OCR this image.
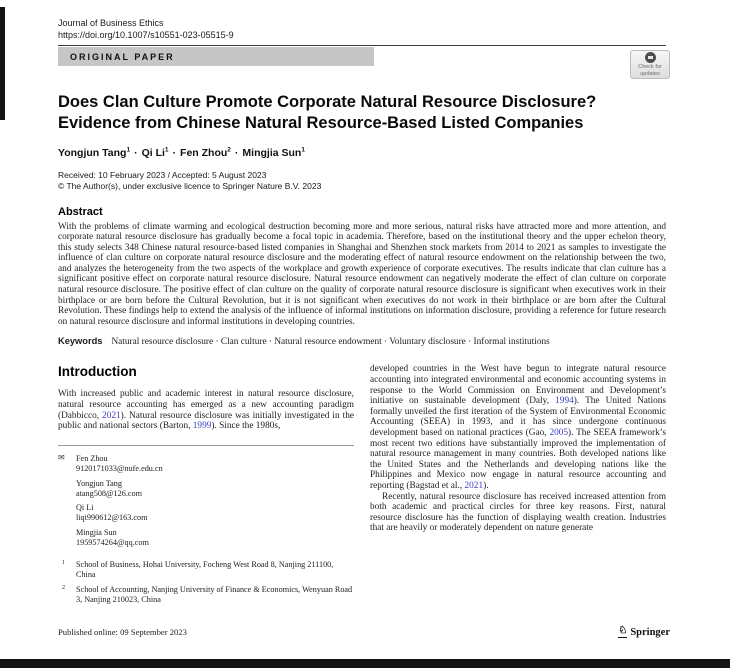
Journal of Business Ethics
https://doi.org/10.1007/s10551-023-05515-9
ORIGINAL PAPER
Check for
updates
Does Clan Culture Promote Corporate Natural Resource Disclosure?
Evidence from Chinese Natural Resource-Based Listed Companies
Yongjun Tang$^1$ · Qi $Li^1$ · Fen Zhou$^2$ · Mingjia Sun$^1$
Received: 10 February 2023 / Accepted: 5 August 2023
© The Author(s), under exclusive licence to Springer Nature B.V. 2023
Abstract
With the problems of climate warming and ecological destruction becoming more and more serious, natural risks have attracted more and more attention, and corporate natural resource disclosure has gradually become a focal topic in academia. Therefore, based on the institutional theory and the upper echelon theory, this study selects 348 Chinese natural resource-based listed companies in Shanghai and Shenzhen stock markets from 2014 to 2021 as samples to investigate the influence of clan culture on corporate natural resource disclosure and the moderating effect of natural resource endowment on the relationship between the two, and analyzes the heterogeneity from the two aspects of the workplace and growth experience of corporate executives. The results indicate that clan culture has a significant positive effect on corporate natural resource disclosure. Natural resource endowment can negatively moderate the effect of clan culture on corporate natural resource disclosure. The positive effect of clan culture on the quality of corporate natural resource disclosure is significant when executives work in their birthplace or are born before the Cultural Revolution, but it is not significant when executives do not work in their birthplace or are born after the Cultural Revolution. These findings help to extend the analysis of the influence of informal institutions on information disclosure, providing a reference for future research on natural resource disclosure and informal institutions in developing countries.
Keywords Natural resource disclosure · Clan culture · Natural resource endowment · Voluntary disclosure · Informal institutions
Introduction
With increased public and academic interest in natural resource disclosure, natural resource accounting has emerged as a new accounting paradigm (Dabbicco, 2021). Natural resource disclosure was initially investigated in the public and national sectors (Barton, 1999). Since the 1980s,
✉ Fen Zhou
9120171033@nufe.edu.cn
Yongjun Tang
atang508@126.com
Qi Li
liqi990612@163.com
Mingjia Sun
1959574264@qq.com
1 School of Business, Hohai University, Focheng West Road 8, Nanjing 211100, China
2 School of Accounting, Nanjing University of Finance & Economics, Wenyuan Road 3, Nanjing 210023, China
developed countries in the West have begun to integrate natural resource accounting into integrated environmental and economic accounting systems in response to the World Commission on Environment and Development’s initiative on sustainable development (Daly, 1994). The United Nations formally unveiled the first iteration of the System of Environmental Economic Accounting (SEEA) in 1993, and it has since undergone continuous development based on national practices (Gao, 2005). The SEEA framework’s most recent two editions have substantially improved the implementation of natural resource management in many countries. Both developed nations like the United States and the Netherlands and developing nations like the Philippines and Mexico now engage in natural resource accounting and reporting (Bagstad et al., 2021).
Recently, natural resource disclosure has received increased attention from both academic and practical circles for three key reasons. First, natural resource disclosure has the function of displaying wealth creation. Industries that are heavily or moderately dependent on nature generate
Published online: 09 September 2023	♘ Springer
